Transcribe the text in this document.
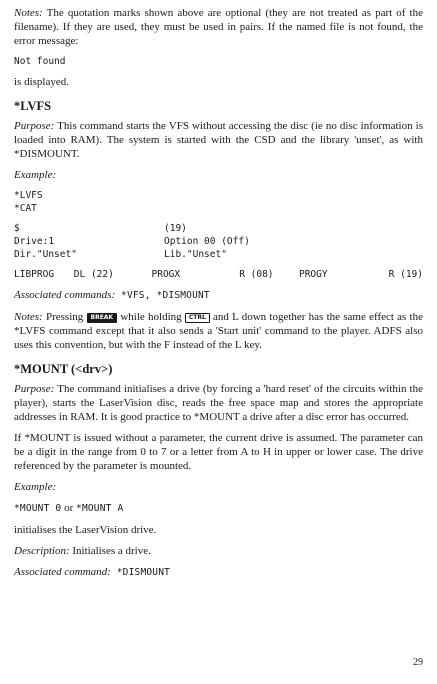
Notes: The quotation marks shown above are optional (they are not treated as part of the filename). If they are used, they must be used in pairs. If the named file is not found, the error message:

Not found

is displayed.

*LVFS

Purpose: This command starts the VFS without accessing the disc (ie no disc information is loaded into RAM). The system is started with the CSD and the library 'unset', as with *DISMOUNT.

Example:

*LVFS
*CAT
$	(19)
Drive:1	Option 00 (Off)
Dir."Unset"	Lib."Unset"
LIBPROG	DL (22)	PROGX	R (08)	PROGY	R (19)

Associated commands: *VFS, *DISMOUNT

Notes: Pressing BREAK while holding CTRL and L down together has the same effect as the *LVFS command except that it also sends a 'Start unit' command to the player. ADFS also uses this convention, but with the F instead of the L key.

*MOUNT (<drv>)

Purpose: The command initialises a drive (by forcing a 'hard reset' of the circuits within the player), starts the LaserVision disc, reads the free space map and stores the appropriate addresses in RAM. It is good practice to *MOUNT a drive after a disc error has occurred.

If *MOUNT is issued without a parameter, the current drive is assumed. The parameter can be a digit in the range from 0 to 7 or a letter from A to H in upper or lower case. The drive referenced by the parameter is mounted.

Example:

*MOUNT 0 or *MOUNT A

initialises the LaserVision drive.

Description: Initialises a drive.

Associated command: *DISMOUNT

29
